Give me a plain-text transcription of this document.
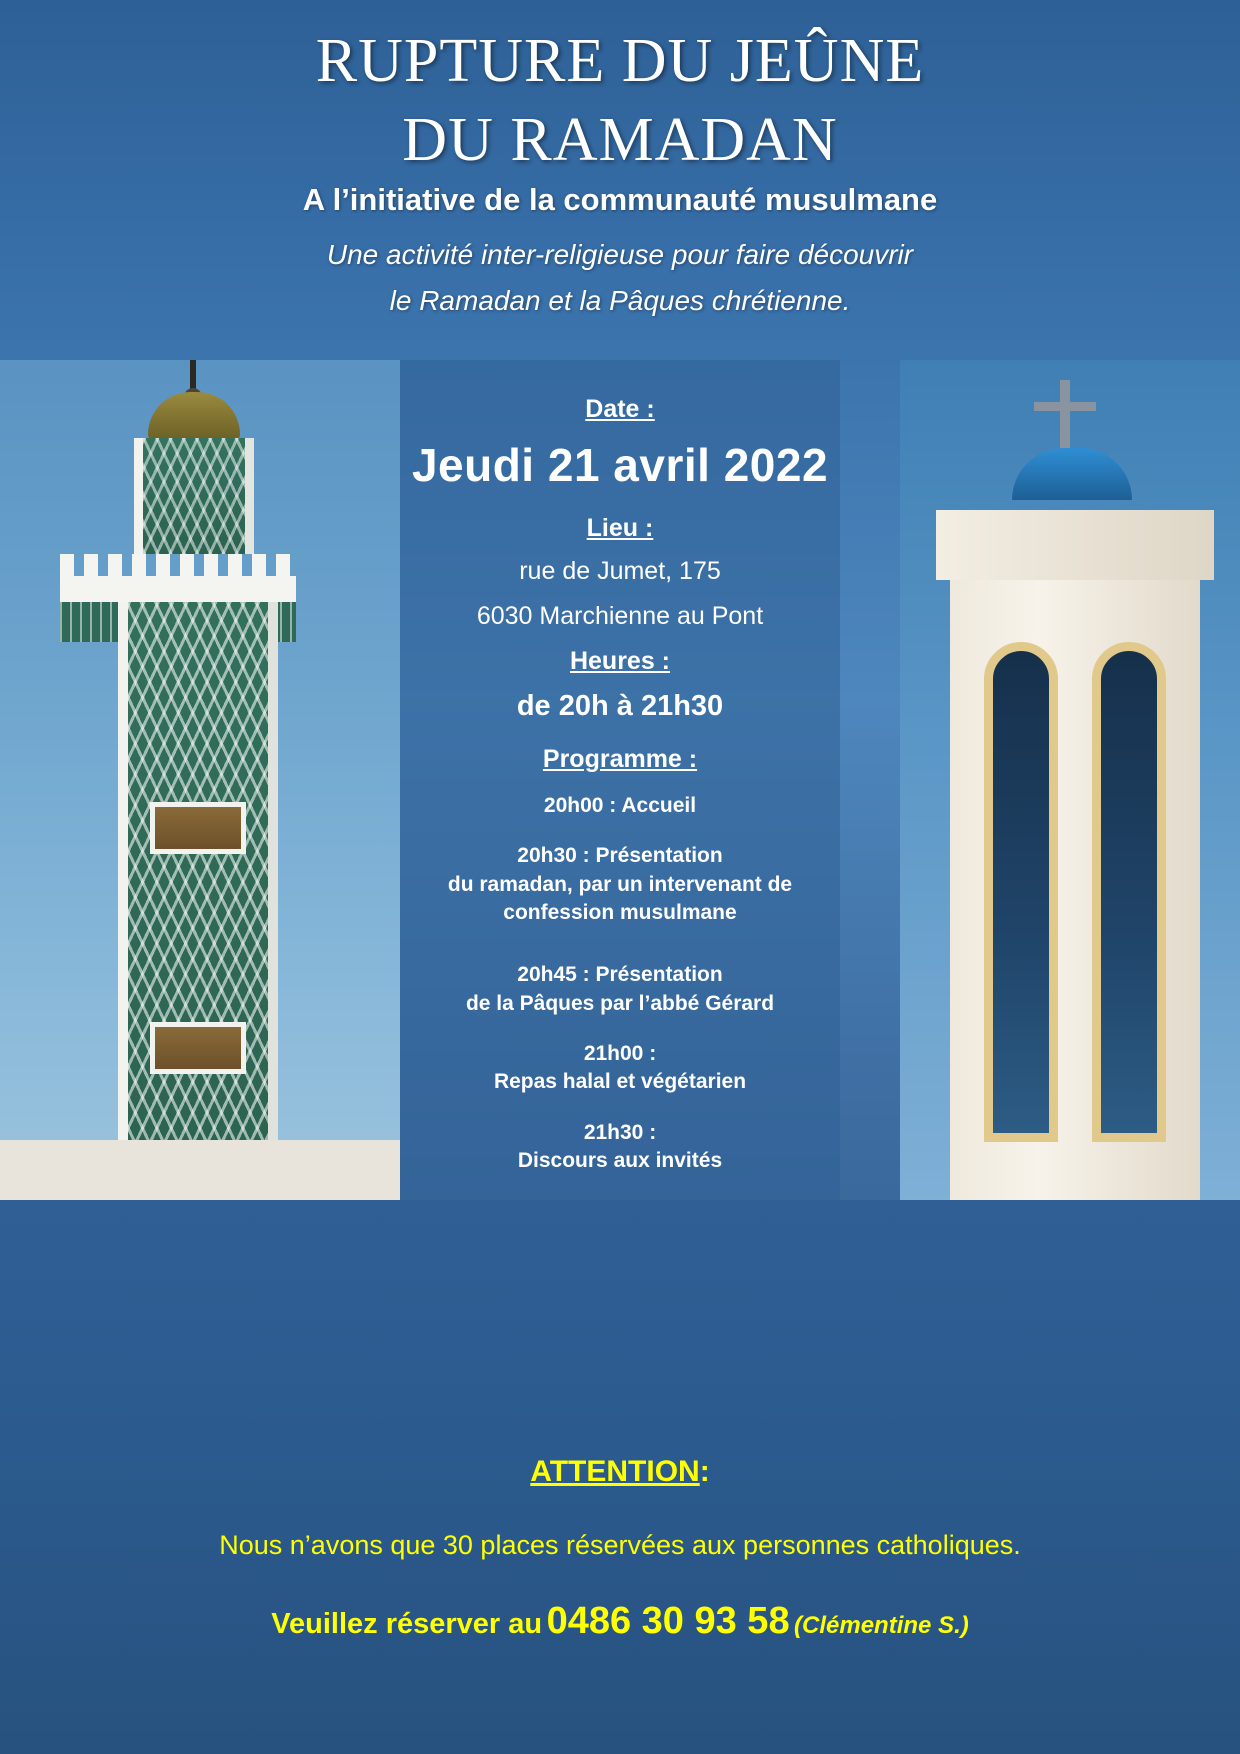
RUPTURE DU JEÛNE
DU RAMADAN
A l’initiative de la communauté musulmane
Une activité inter-religieuse pour faire découvrir
le Ramadan et la Pâques chrétienne.
Date :
Jeudi 21 avril 2022
Lieu :
rue de Jumet, 175
6030 Marchienne au Pont
Heures :
de 20h à 21h30
Programme :
20h00 : Accueil
20h30 : Présentation
du ramadan, par un intervenant de
confession musulmane
20h45 : Présentation
de la Pâques par l’abbé Gérard
21h00 :
Repas halal et végétarien
21h30 :
Discours aux invités
ATTENTION:
Nous n’avons que 30 places réservées aux personnes catholiques.
Veuillez réserver au 0486 30 93 58 (Clémentine S.)
